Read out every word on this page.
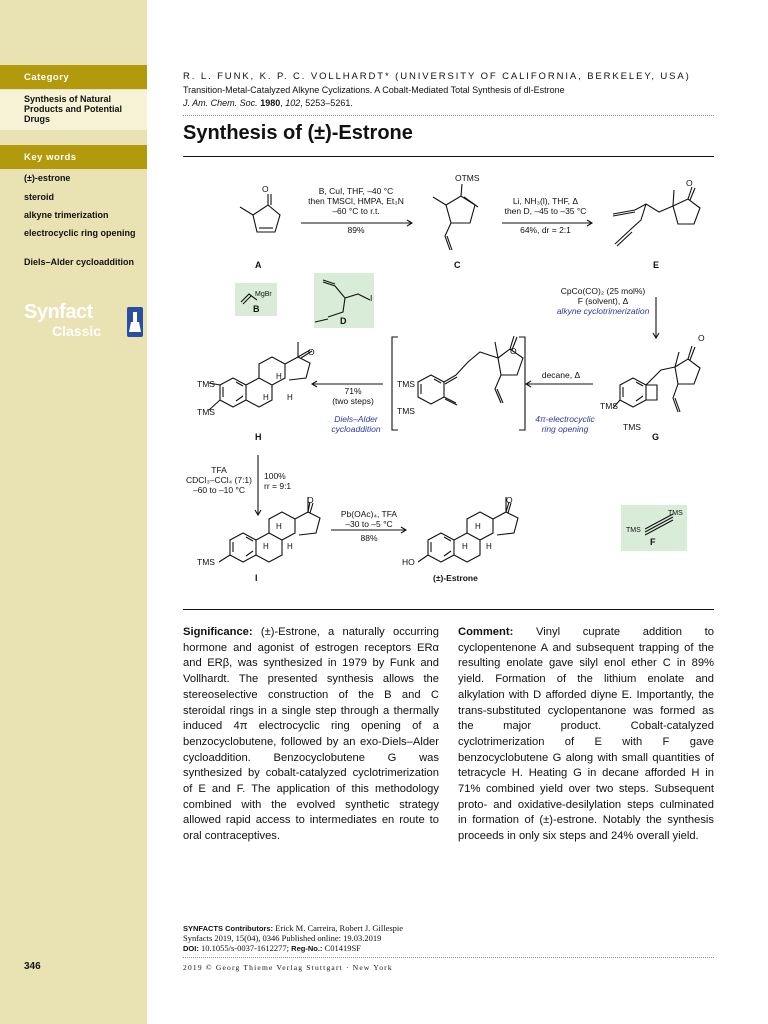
Category
Synthesis of Natural Products and Potential Drugs
Key words
(±)-estrone
steroid
alkyne trimerization
electrocyclic ring opening
Diels–Alder cycloaddition
Synfact
Classic
346
R. L. FUNK, K. P. C. VOLLHARDT* (UNIVERSITY OF CALIFORNIA, BERKELEY, USA)
Transition-Metal-Catalyzed Alkyne Cyclizations. A Cobalt-Mediated Total Synthesis of dl-Estrone
J. Am. Chem. Soc. 1980, 102, 5253–5261.
Synthesis of (±)-Estrone
O
OTMS	O
MgBr	I
O
TMS
TMS
O
TMS
TMS
O
TMS
TMS
H
H H
O
H
H H
TMS
O
H
H H
HO
TMS
TMS
B, CuI, THF, –40 °C
then TMSCl, HMPA, Et₃N
–60 °C to r.t.
89%
Li, NH₃(l), THF, Δ
then D, –45 to –35 °C
64%, dr = 2:1
CpCo(CO)₂ (25 mol%)
F (solvent), Δ
alkyne cyclotrimerization
decane, Δ
4π-electrocyclic ring opening
71%
(two steps)
Diels–Alder cycloaddition
TFA
CDCl₃–CCl₄ (7:1)
–60 to –10 °C
100%
rr = 9:1
Pb(OAc)₄, TFA
–30 to –5 °C
88%
A	C	E
B
D
G
H
I	(±)-Estrone
F
Significance: (±)-Estrone, a naturally occurring hormone and agonist of estrogen receptors ERα and ERβ, was synthesized in 1979 by Funk and Vollhardt. The presented synthesis allows the stereoselective construction of the B and C steroidal rings in a single step through a thermally induced 4π electrocyclic ring opening of a benzocyclobutene, followed by an exo-Diels–Alder cycloaddition. Benzocyclobutene G was synthesized by cobalt-catalyzed cyclotrimerization of E and F. The application of this methodology combined with the evolved synthetic strategy allowed rapid access to intermediates en route to oral contraceptives.
Comment: Vinyl cuprate addition to cyclopentenone A and subsequent trapping of the resulting enolate gave silyl enol ether C in 89% yield. Formation of the lithium enolate and alkylation with D afforded diyne E. Importantly, the trans-substituted cyclopentanone was formed as the major product. Cobalt-catalyzed cyclotrimerization of E with F gave benzocyclobutene G along with small quantities of tetracycle H. Heating G in decane afforded H in 71% combined yield over two steps. Subsequent proto- and oxidative-desilylation steps culminated in formation of (±)-estrone. Notably the synthesis proceeds in only six steps and 24% overall yield.
SYNFACTS Contributors: Erick M. Carreira, Robert J. Gillespie
Synfacts 2019, 15(04), 0346 Published online: 19.03.2019
DOI: 10.1055/s-0037-1612277; Reg-No.: C01419SF
2019 © Georg Thieme Verlag Stuttgart · New York
